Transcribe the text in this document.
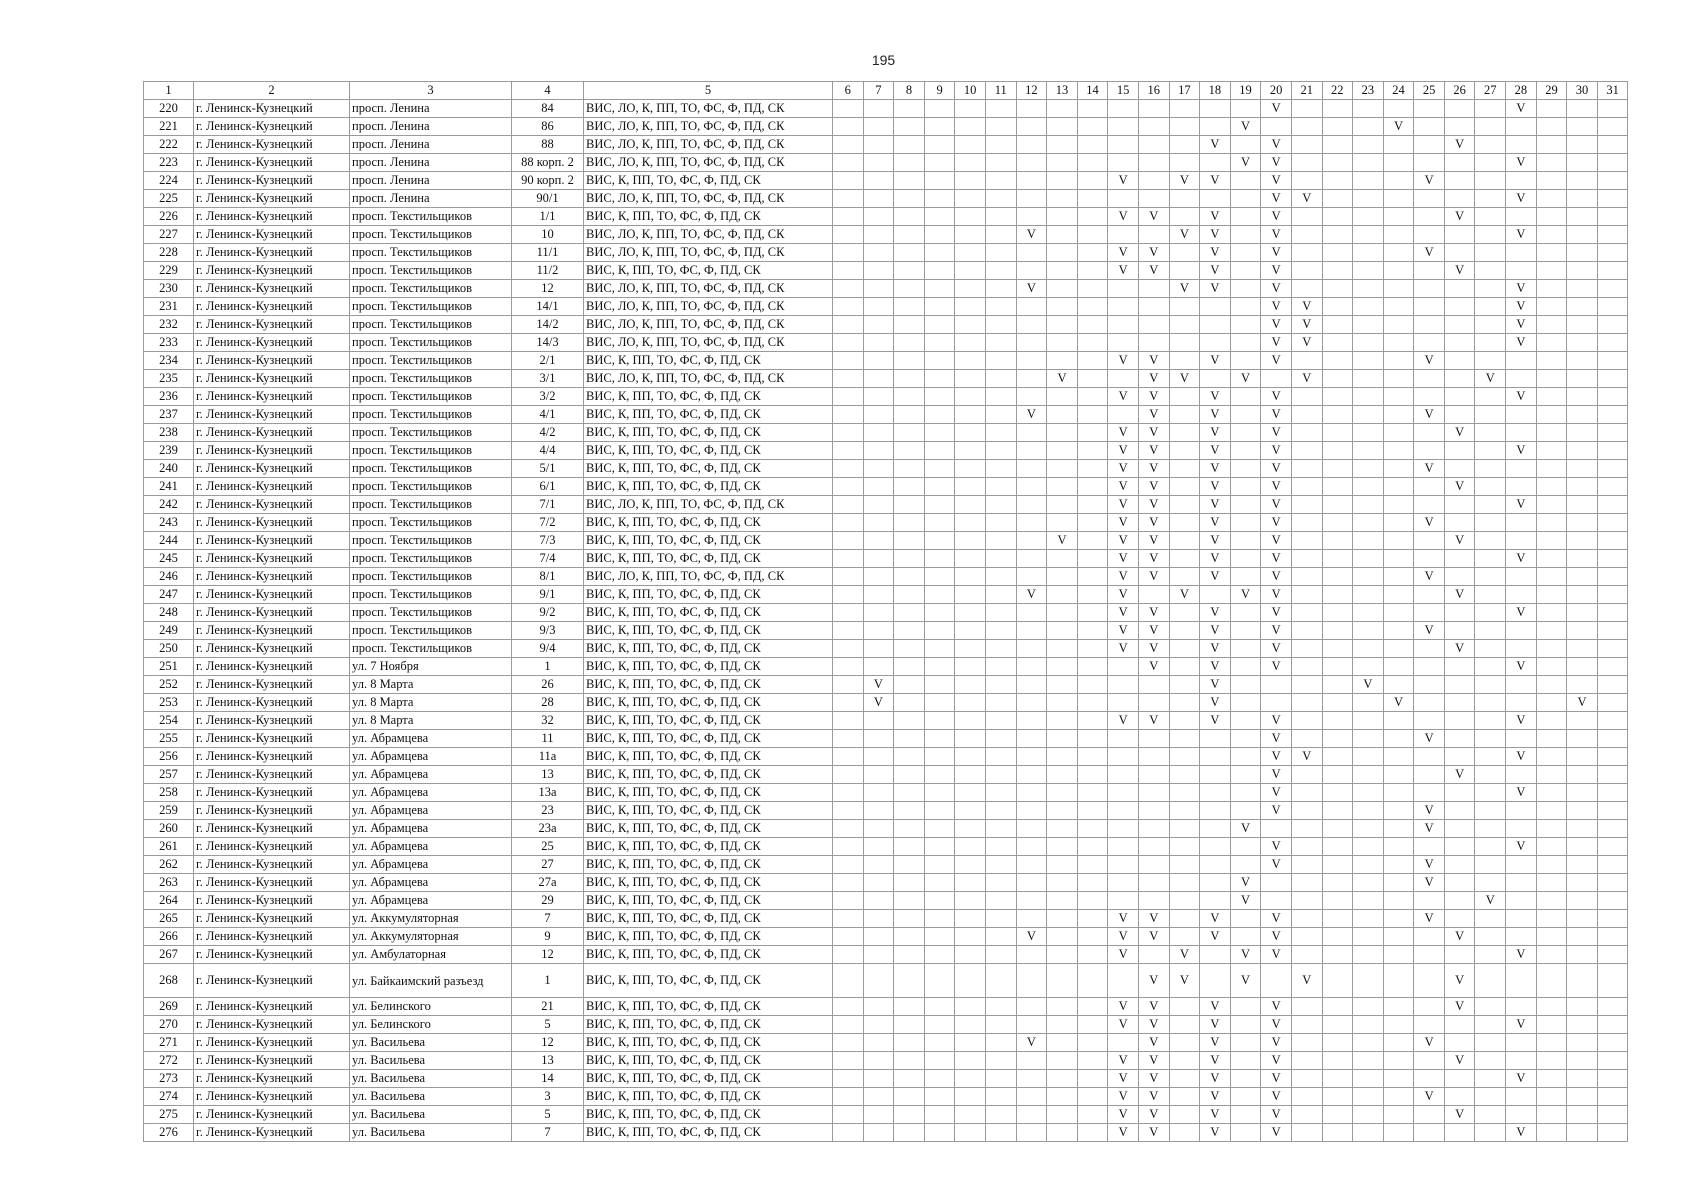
195
1	2	3	4	5	6	7	8	9	10	11	12	13	14	15	16	17	18	19	20	21	22	23	24	25	26	27	28	29	30	31
220	г. Ленинск-Кузнецкий	просп. Ленина	84	ВИС, ЛО, К, ПП, ТО, ФС, Ф, ПД, СК															V								V			
221	г. Ленинск-Кузнецкий	просп. Ленина	86	ВИС, ЛО, К, ПП, ТО, ФС, Ф, ПД, СК														V					V							
222	г. Ленинск-Кузнецкий	просп. Ленина	88	ВИС, ЛО, К, ПП, ТО, ФС, Ф, ПД, СК													V		V						V					
223	г. Ленинск-Кузнецкий	просп. Ленина	88 корп. 2	ВИС, ЛО, К, ПП, ТО, ФС, Ф, ПД, СК														V	V								V			
224	г. Ленинск-Кузнецкий	просп. Ленина	90 корп. 2	ВИС, К, ПП, ТО, ФС, Ф, ПД, СК										V		V	V		V					V						
225	г. Ленинск-Кузнецкий	просп. Ленина	90/1	ВИС, ЛО, К, ПП, ТО, ФС, Ф, ПД, СК															V	V							V			
226	г. Ленинск-Кузнецкий	просп. Текстильщиков	1/1	ВИС, К, ПП, ТО, ФС, Ф, ПД, СК										V	V		V		V						V					
227	г. Ленинск-Кузнецкий	просп. Текстильщиков	10	ВИС, ЛО, К, ПП, ТО, ФС, Ф, ПД, СК							V					V	V		V								V			
228	г. Ленинск-Кузнецкий	просп. Текстильщиков	11/1	ВИС, ЛО, К, ПП, ТО, ФС, Ф, ПД, СК										V	V		V		V					V						
229	г. Ленинск-Кузнецкий	просп. Текстильщиков	11/2	ВИС, К, ПП, ТО, ФС, Ф, ПД, СК										V	V		V		V						V					
230	г. Ленинск-Кузнецкий	просп. Текстильщиков	12	ВИС, ЛО, К, ПП, ТО, ФС, Ф, ПД, СК							V					V	V		V								V			
231	г. Ленинск-Кузнецкий	просп. Текстильщиков	14/1	ВИС, ЛО, К, ПП, ТО, ФС, Ф, ПД, СК															V	V							V			
232	г. Ленинск-Кузнецкий	просп. Текстильщиков	14/2	ВИС, ЛО, К, ПП, ТО, ФС, Ф, ПД, СК															V	V							V			
233	г. Ленинск-Кузнецкий	просп. Текстильщиков	14/3	ВИС, ЛО, К, ПП, ТО, ФС, Ф, ПД, СК															V	V							V			
234	г. Ленинск-Кузнецкий	просп. Текстильщиков	2/1	ВИС, К, ПП, ТО, ФС, Ф, ПД, СК										V	V		V		V					V						
235	г. Ленинск-Кузнецкий	просп. Текстильщиков	3/1	ВИС, ЛО, К, ПП, ТО, ФС, Ф, ПД, СК								V			V	V		V		V						V				
236	г. Ленинск-Кузнецкий	просп. Текстильщиков	3/2	ВИС, К, ПП, ТО, ФС, Ф, ПД, СК										V	V		V		V								V			
237	г. Ленинск-Кузнецкий	просп. Текстильщиков	4/1	ВИС, К, ПП, ТО, ФС, Ф, ПД, СК							V				V		V		V					V						
238	г. Ленинск-Кузнецкий	просп. Текстильщиков	4/2	ВИС, К, ПП, ТО, ФС, Ф, ПД, СК										V	V		V		V						V					
239	г. Ленинск-Кузнецкий	просп. Текстильщиков	4/4	ВИС, К, ПП, ТО, ФС, Ф, ПД, СК										V	V		V		V								V			
240	г. Ленинск-Кузнецкий	просп. Текстильщиков	5/1	ВИС, К, ПП, ТО, ФС, Ф, ПД, СК										V	V		V		V					V						
241	г. Ленинск-Кузнецкий	просп. Текстильщиков	6/1	ВИС, К, ПП, ТО, ФС, Ф, ПД, СК										V	V		V		V						V					
242	г. Ленинск-Кузнецкий	просп. Текстильщиков	7/1	ВИС, ЛО, К, ПП, ТО, ФС, Ф, ПД, СК										V	V		V		V								V			
243	г. Ленинск-Кузнецкий	просп. Текстильщиков	7/2	ВИС, К, ПП, ТО, ФС, Ф, ПД, СК										V	V		V		V					V						
244	г. Ленинск-Кузнецкий	просп. Текстильщиков	7/3	ВИС, К, ПП, ТО, ФС, Ф, ПД, СК								V		V	V		V		V						V					
245	г. Ленинск-Кузнецкий	просп. Текстильщиков	7/4	ВИС, К, ПП, ТО, ФС, Ф, ПД, СК										V	V		V		V								V			
246	г. Ленинск-Кузнецкий	просп. Текстильщиков	8/1	ВИС, ЛО, К, ПП, ТО, ФС, Ф, ПД, СК										V	V		V		V					V						
247	г. Ленинск-Кузнецкий	просп. Текстильщиков	9/1	ВИС, К, ПП, ТО, ФС, Ф, ПД, СК							V			V		V		V	V						V					
248	г. Ленинск-Кузнецкий	просп. Текстильщиков	9/2	ВИС, К, ПП, ТО, ФС, Ф, ПД, СК										V	V		V		V								V			
249	г. Ленинск-Кузнецкий	просп. Текстильщиков	9/3	ВИС, К, ПП, ТО, ФС, Ф, ПД, СК										V	V		V		V					V						
250	г. Ленинск-Кузнецкий	просп. Текстильщиков	9/4	ВИС, К, ПП, ТО, ФС, Ф, ПД, СК										V	V		V		V						V					
251	г. Ленинск-Кузнецкий	ул. 7 Ноября	1	ВИС, К, ПП, ТО, ФС, Ф, ПД, СК											V		V		V								V			
252	г. Ленинск-Кузнецкий	ул. 8 Марта	26	ВИС, К, ПП, ТО, ФС, Ф, ПД, СК		V											V					V								
253	г. Ленинск-Кузнецкий	ул. 8 Марта	28	ВИС, К, ПП, ТО, ФС, Ф, ПД, СК		V											V						V						V	
254	г. Ленинск-Кузнецкий	ул. 8 Марта	32	ВИС, К, ПП, ТО, ФС, Ф, ПД, СК										V	V		V		V								V			
255	г. Ленинск-Кузнецкий	ул. Абрамцева	11	ВИС, К, ПП, ТО, ФС, Ф, ПД, СК															V					V						
256	г. Ленинск-Кузнецкий	ул. Абрамцева	11а	ВИС, К, ПП, ТО, ФС, Ф, ПД, СК															V	V							V			
257	г. Ленинск-Кузнецкий	ул. Абрамцева	13	ВИС, К, ПП, ТО, ФС, Ф, ПД, СК															V						V					
258	г. Ленинск-Кузнецкий	ул. Абрамцева	13а	ВИС, К, ПП, ТО, ФС, Ф, ПД, СК															V								V			
259	г. Ленинск-Кузнецкий	ул. Абрамцева	23	ВИС, К, ПП, ТО, ФС, Ф, ПД, СК															V					V						
260	г. Ленинск-Кузнецкий	ул. Абрамцева	23а	ВИС, К, ПП, ТО, ФС, Ф, ПД, СК														V						V						
261	г. Ленинск-Кузнецкий	ул. Абрамцева	25	ВИС, К, ПП, ТО, ФС, Ф, ПД, СК															V								V			
262	г. Ленинск-Кузнецкий	ул. Абрамцева	27	ВИС, К, ПП, ТО, ФС, Ф, ПД, СК															V					V						
263	г. Ленинск-Кузнецкий	ул. Абрамцева	27а	ВИС, К, ПП, ТО, ФС, Ф, ПД, СК														V						V						
264	г. Ленинск-Кузнецкий	ул. Абрамцева	29	ВИС, К, ПП, ТО, ФС, Ф, ПД, СК														V								V				
265	г. Ленинск-Кузнецкий	ул. Аккумуляторная	7	ВИС, К, ПП, ТО, ФС, Ф, ПД, СК										V	V		V		V					V						
266	г. Ленинск-Кузнецкий	ул. Аккумуляторная	9	ВИС, К, ПП, ТО, ФС, Ф, ПД, СК							V			V	V		V		V						V					
267	г. Ленинск-Кузнецкий	ул. Амбулаторная	12	ВИС, К, ПП, ТО, ФС, Ф, ПД, СК										V		V		V	V								V			
268	г. Ленинск-Кузнецкий	ул. Байкаимский разъезд	1	ВИС, К, ПП, ТО, ФС, Ф, ПД, СК											V	V		V		V					V					
269	г. Ленинск-Кузнецкий	ул. Белинского	21	ВИС, К, ПП, ТО, ФС, Ф, ПД, СК										V	V		V		V						V					
270	г. Ленинск-Кузнецкий	ул. Белинского	5	ВИС, К, ПП, ТО, ФС, Ф, ПД, СК										V	V		V		V								V			
271	г. Ленинск-Кузнецкий	ул. Васильева	12	ВИС, К, ПП, ТО, ФС, Ф, ПД, СК							V				V		V		V					V						
272	г. Ленинск-Кузнецкий	ул. Васильева	13	ВИС, К, ПП, ТО, ФС, Ф, ПД, СК										V	V		V		V						V					
273	г. Ленинск-Кузнецкий	ул. Васильева	14	ВИС, К, ПП, ТО, ФС, Ф, ПД, СК										V	V		V		V								V			
274	г. Ленинск-Кузнецкий	ул. Васильева	3	ВИС, К, ПП, ТО, ФС, Ф, ПД, СК										V	V		V		V					V						
275	г. Ленинск-Кузнецкий	ул. Васильева	5	ВИС, К, ПП, ТО, ФС, Ф, ПД, СК										V	V		V		V						V					
276	г. Ленинск-Кузнецкий	ул. Васильева	7	ВИС, К, ПП, ТО, ФС, Ф, ПД, СК										V	V		V		V								V			
